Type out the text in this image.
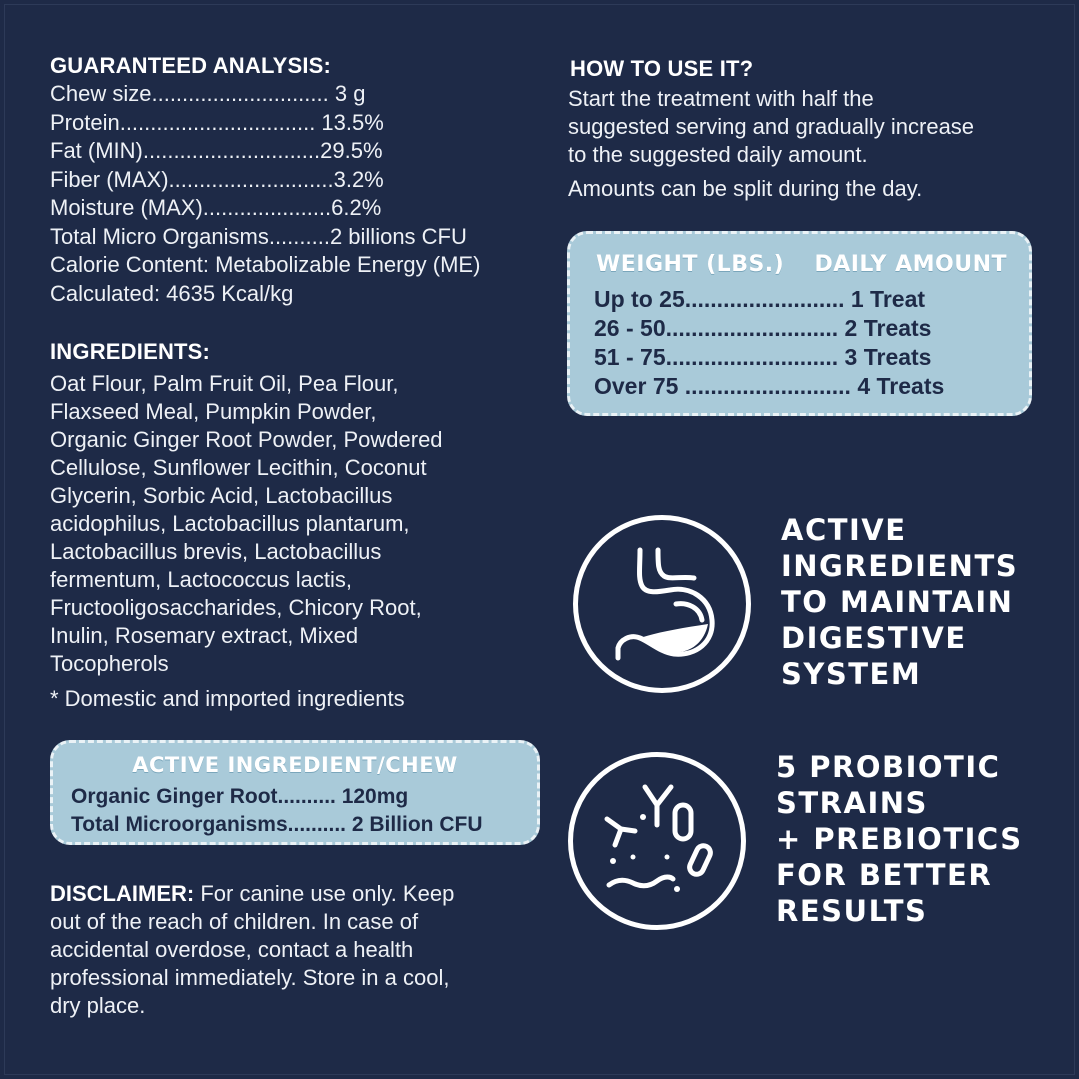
GUARANTEED ANALYSIS:
Chew size............................. 3 g
Protein................................ 13.5%
Fat (MIN).............................29.5%
Fiber (MAX)...........................3.2%
Moisture (MAX).....................6.2%
Total Micro Organisms..........2 billions CFU
Calorie Content: Metabolizable Energy (ME)
Calculated: 4635 Kcal/kg
INGREDIENTS:
Oat Flour, Palm Fruit Oil, Pea Flour,
Flaxseed Meal, Pumpkin Powder,
Organic Ginger Root Powder, Powdered
Cellulose, Sunflower Lecithin, Coconut
Glycerin, Sorbic Acid, Lactobacillus
acidophilus, Lactobacillus plantarum,
Lactobacillus brevis, Lactobacillus
fermentum, Lactococcus lactis,
Fructooligosaccharides, Chicory Root,
Inulin, Rosemary extract, Mixed
Tocopherols
* Domestic and imported ingredients
ACTIVE INGREDIENT/CHEW
Organic Ginger Root.......... 120mg
Total Microorganisms.......... 2 Billion CFU
DISCLAIMER: For canine use only. Keep
out of the reach of children. In case of
accidental overdose, contact a health
professional immediately. Store in a cool,
dry place.
HOW TO USE IT?
Start the treatment with half the
suggested serving and gradually increase
to the suggested daily amount.
Amounts can be split during the day.
WEIGHT (LBS.) DAILY AMOUNT
Up to 25......................... 1 Treat
26 - 50........................... 2 Treats
51 - 75........................... 3 Treats
Over 75 .......................... 4 Treats
ACTIVE
INGREDIENTS
TO MAINTAIN
DIGESTIVE
SYSTEM
5 PROBIOTIC
STRAINS
+ PREBIOTICS
FOR BETTER
RESULTS
